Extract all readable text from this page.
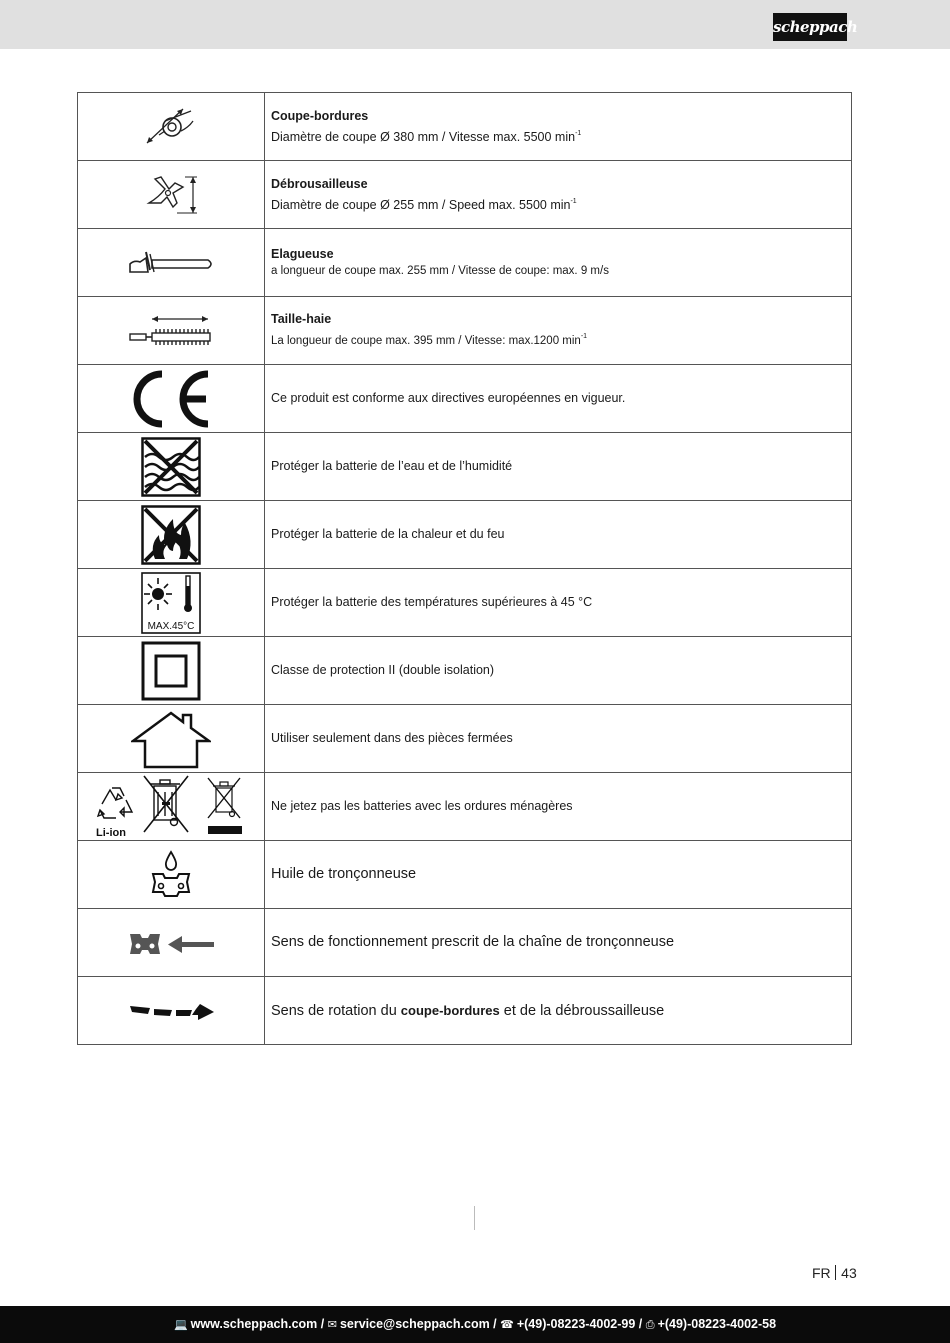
scheppach

Coupe-bordures
Diamètre de coupe Ø 380 mm / Vitesse max. 5500 $\min^{-1}$

Débrousailleuse
Diamètre de coupe Ø 255 mm / Speed max. 5500 $\min^{-1}$

Elagueuse
a longueur de coupe max. 255 mm / Vitesse de coupe: max. 9 m/s

Taille-haie
La longueur de coupe max. 395 mm / Vitesse: max.1200 $\min^{-1}$

Ce produit est conforme aux directives européennes en vigueur.

Protéger la batterie de l’eau et de l’humidité

Protéger la batterie de la chaleur et du feu

MAX.45°C	Protéger la batterie des températures supérieures à 45 °C

Classe de protection II (double isolation)

Utiliser seulement dans des pièces fermées

Li-ion	Ne jetez pas les batteries avec les ordures ménagères

Huile de tronçonneuse

Sens de fonctionnement prescrit de la chaîne de tronçonneuse

Sens de rotation du coupe-bordures et de la débroussailleuse
FR 43
💻 www.scheppach.com / ✉ service@scheppach.com / ☎ +(49)-08223-4002-99 / ⎙ +(49)-08223-4002-58
